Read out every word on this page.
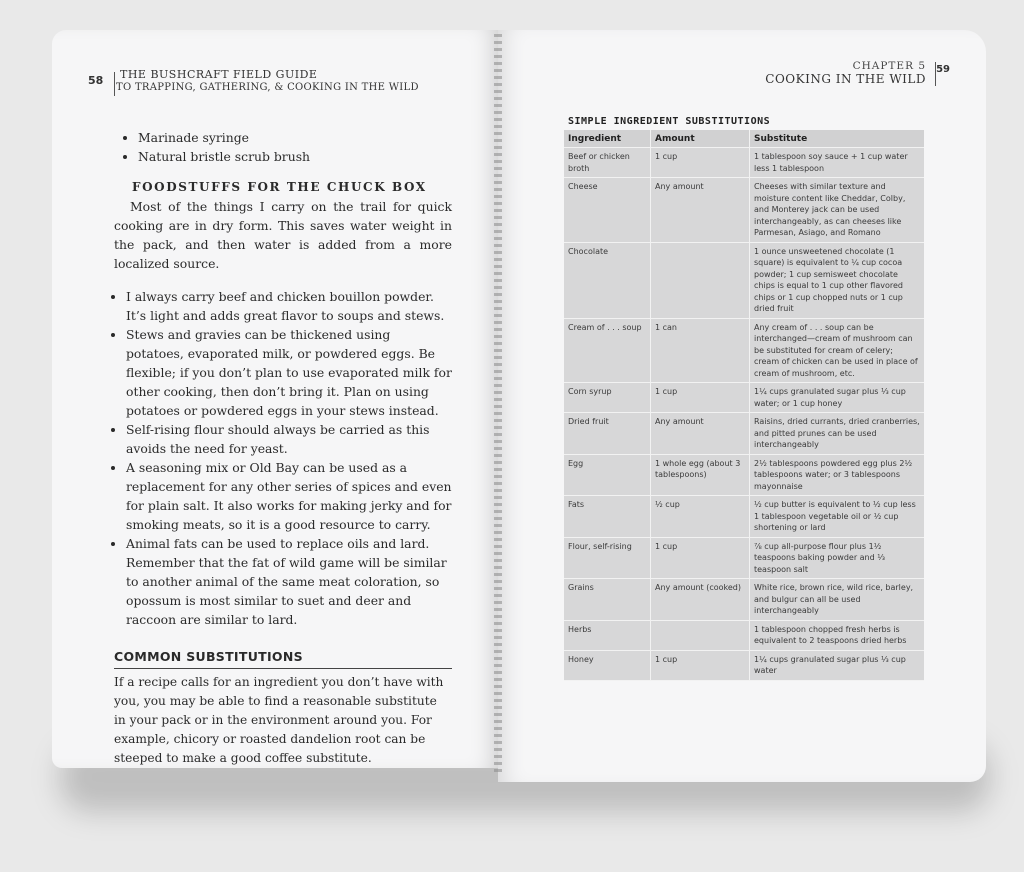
58 THE BUSHCRAFT FIELD GUIDE
TO TRAPPING, GATHERING, & COOKING IN THE WILD
• Marinade syringe
• Natural bristle scrub brush
FOODSTUFFS FOR THE CHUCK BOX

Most of the things I carry on the trail for quick cooking are in dry form. This saves water weight in the pack, and then water is added from a more localized source.

• I always carry beef and chicken bouillon powder. It’s light and adds great flavor to soups and stews.
• Stews and gravies can be thickened using potatoes, evaporated milk, or powdered eggs. Be flexible; if you don’t plan to use evaporated milk for other cooking, then don’t bring it. Plan on using potatoes or powdered eggs in your stews instead.
• Self-rising flour should always be carried as this avoids the need for yeast.
• A seasoning mix or Old Bay can be used as a replacement for any other series of spices and even for plain salt. It also works for making jerky and for smoking meats, so it is a good resource to carry.
• Animal fats can be used to replace oils and lard. Remember that the fat of wild game will be similar to another animal of the same meat coloration, so opossum is most similar to suet and deer and raccoon are similar to lard.
COMMON SUBSTITUTIONS

If a recipe calls for an ingredient you don’t have with you, you may be able to find a reasonable substitute in your pack or in the environment around you. For example, chicory or roasted dandelion root can be steeped to make a good coffee substitute.

CHAPTER 5
COOKING IN THE WILD
59
SIMPLE INGREDIENT SUBSTITUTIONS
Ingredient	Amount	Substitute
Beef or chicken broth	1 cup	1 tablespoon soy sauce + 1 cup water less 1 tablespoon
Cheese	Any amount	Cheeses with similar texture and moisture content like Cheddar, Colby, and Monterey jack can be used interchangeably, as can cheeses like Parmesan, Asiago, and Romano
Chocolate		1 ounce unsweetened chocolate (1 square) is equivalent to ¼ cup cocoa powder; 1 cup semisweet chocolate chips is equal to 1 cup other flavored chips or 1 cup chopped nuts or 1 cup dried fruit
Cream of . . . soup	1 can	Any cream of . . . soup can be interchanged—cream of mushroom can be substituted for cream of celery; cream of chicken can be used in place of cream of mushroom, etc.
Corn syrup	1 cup	1¼ cups granulated sugar plus ⅓ cup water; or 1 cup honey
Dried fruit	Any amount	Raisins, dried currants, dried cranberries, and pitted prunes can be used interchangeably
Egg	1 whole egg (about 3 tablespoons)	2½ tablespoons powdered egg plus 2½ tablespoons water; or 3 tablespoons mayonnaise
Fats	½ cup	½ cup butter is equivalent to ½ cup less 1 tablespoon vegetable oil or ½ cup shortening or lard
Flour, self-rising	1 cup	⅞ cup all-purpose flour plus 1½ teaspoons baking powder and ⅓ teaspoon salt
Grains	Any amount (cooked)	White rice, brown rice, wild rice, barley, and bulgur can all be used interchangeably
Herbs		1 tablespoon chopped fresh herbs is equivalent to 2 teaspoons dried herbs
Honey	1 cup	1¼ cups granulated sugar plus ⅓ cup water
